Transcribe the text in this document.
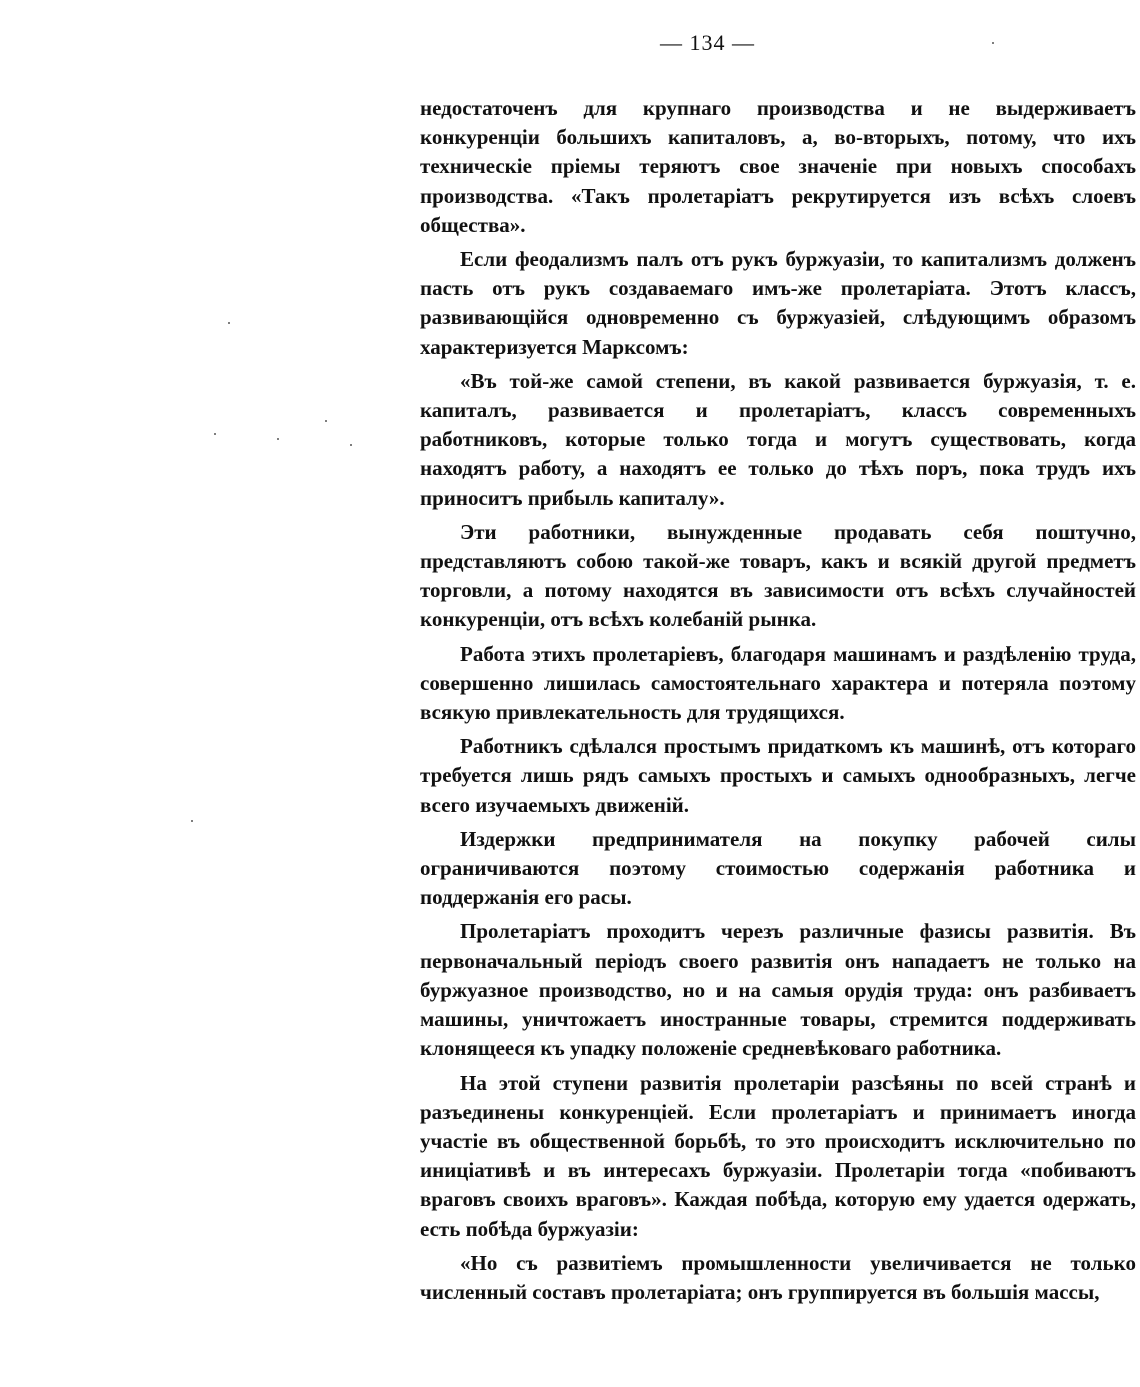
— 134 —

недостаточенъ для крупнаго производства и не выдерживаетъ конкуренціи большихъ капиталовъ, а, во-вторыхъ, потому, что ихъ техническіе пріемы теряютъ свое значеніе при новыхъ способахъ производства. «Такъ пролетаріатъ рекрутируется изъ всѣхъ слоевъ общества».

Если феодализмъ палъ отъ рукъ буржуазіи, то капитализмъ долженъ пасть отъ рукъ создаваемаго имъ-же пролетаріата. Этотъ классъ, развивающійся одновременно съ буржуазіей, слѣдующимъ образомъ характеризуется Марксомъ:

«Въ той-же самой степени, въ какой развивается буржуазія, т. е. капиталъ, развивается и пролетаріатъ, классъ современныхъ работниковъ, которые только тогда и могутъ существовать, когда находятъ работу, а находятъ ее только до тѣхъ поръ, пока трудъ ихъ приноситъ прибыль капиталу».

Эти работники, вынужденные продавать себя поштучно, представляютъ собою такой-же товаръ, какъ и всякій другой предметъ торговли, а потому находятся въ зависимости отъ всѣхъ случайностей конкуренціи, отъ всѣхъ колебаній рынка.

Работа этихъ пролетаріевъ, благодаря машинамъ и раздѣленію труда, совершенно лишилась самостоятельнаго характера и потеряла поэтому всякую привлекательность для трудящихся.

Работникъ сдѣлался простымъ придаткомъ къ машинѣ, отъ котораго требуется лишь рядъ самыхъ простыхъ и самыхъ однообразныхъ, легче всего изучаемыхъ движеній.

Издержки предпринимателя на покупку рабочей силы ограничиваются поэтому стоимостью содержанія работника и поддержанія его расы.

Пролетаріатъ проходитъ черезъ различные фазисы развитія. Въ первоначальный періодъ своего развитія онъ нападаетъ не только на буржуазное производство, но и на самыя орудія труда: онъ разбиваетъ машины, уничтожаетъ иностранные товары, стремится поддерживать клонящееся къ упадку положеніе средневѣковаго работника.

На этой ступени развитія пролетаріи разсѣяны по всей странѣ и разъединены конкуренціей. Если пролетаріатъ и принимаетъ иногда участіе въ общественной борьбѣ, то это происходитъ исключительно по иниціативѣ и въ интересахъ буржуазіи. Пролетаріи тогда «побиваютъ враговъ своихъ враговъ». Каждая побѣда, которую ему удается одержать, есть побѣда буржуазіи:

«Но съ развитіемъ промышленности увеличивается не только численный составъ пролетаріата; онъ группируется въ большія массы,
